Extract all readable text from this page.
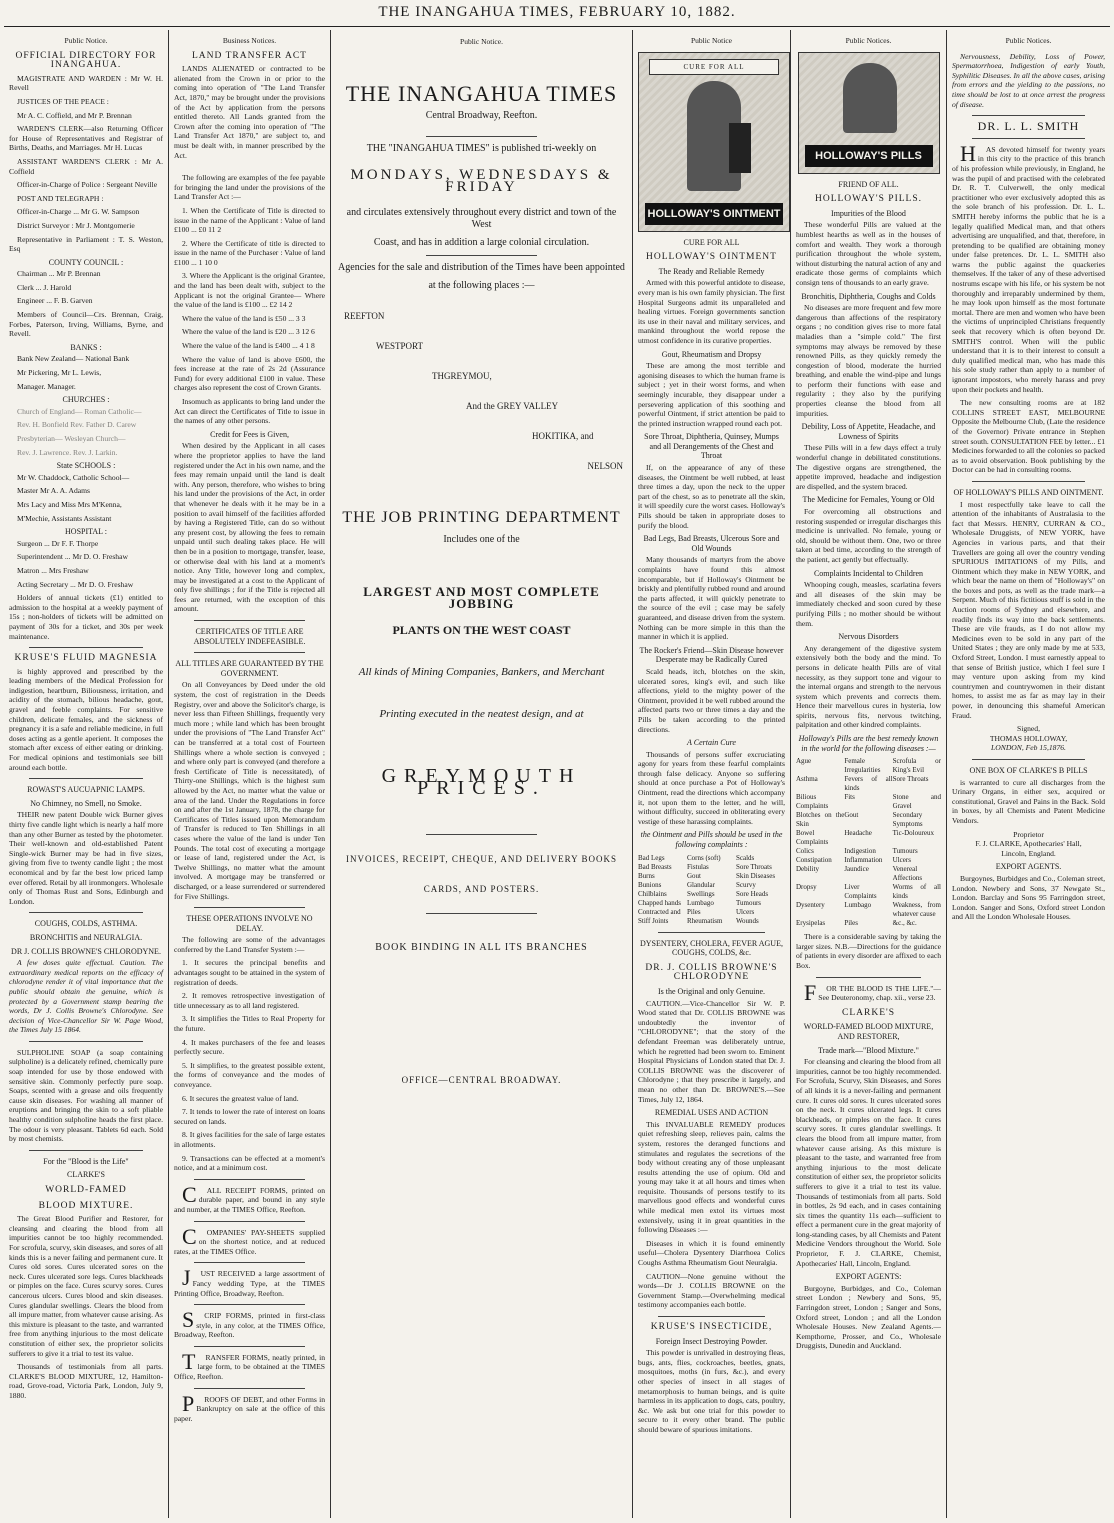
THE INANGAHUA TIMES, FEBRUARY 10, 1882.
Public Notice.
OFFICIAL DIRECTORY FOR INANGAHUA.

MAGISTRATE AND WARDEN : Mr W. H. Revell

JUSTICES OF THE PEACE :

Mr A. C. Coffield, and Mr P. Brennan

WARDEN'S CLERK—also Returning Officer for House of Representatives and Registrar of Births, Deaths, and Marriages. Mr H. Lucas

ASSISTANT WARDEN'S CLERK : Mr A. Coffield

Officer-in-Charge of Police : Sergeant Neville

POST AND TELEGRAPH :

Officer-in-Charge ... Mr G. W. Sampson

District Surveyor : Mr J. Montgomerie

Representative in Parliament : T. S. Weston, Esq

COUNTY COUNCIL :

Chairman ... Mr P. Brennan

Clerk ... J. Harold

Engineer ... F. B. Garven

Members of Council—Crs. Brennan, Craig, Forbes, Paterson, Irving, Williams, Byrne, and Revell.

BANKS :

Bank New Zealand— National Bank

Mr Pickering, Mr L. Lewis,

Manager. Manager.

CHURCHES :

Church of England— Roman Catholic—

Rev. H. Bonfield Rev. Father D. Carew

Presbyterian— Wesleyan Church—

Rev. J. Lawrence. Rev. J. Larkin.

State SCHOOLS :

Mr W. Chaddock, Catholic School—

Master Mr A. A. Adams

Mrs Lacy and Miss Mrs M'Kenna,

M'Mechie, Assistants Assistant

HOSPITAL :

Surgeon ... Dr F. F. Thorpe

Superintendent ... Mr D. O. Freshaw

Matron ... Mrs Freshaw

Acting Secretary ... Mr D. O. Freshaw

Holders of annual tickets (£1) entitled to admission to the hospital at a weekly payment of 15s ; non-holders of tickets will be admitted on payment of 30s for a ticket, and 30s per week maintenance.

KRUSE'S FLUID MAGNESIA

is highly approved and prescribed by the leading members of the Medical Profession for indigestion, heartburn, Biliousness, irritation, and acidity of the stomach, bilious headache, gout, gravel and feeble complaints. For sensitive children, delicate females, and the sickness of pregnancy it is a safe and reliable medicine, in full doses acting as a gentle aperient. It composes the stomach after excess of either eating or drinking. For medical opinions and testimonials see bill around each bottle.

ROWAST'S AUCUAPNIC LAMPS.
No Chimney, no Smell, no Smoke.

THEIR new patent Double wick Burner gives thirty five candle light which is nearly a half more than any other Burner as tested by the photometer. Their well-known and old-established Patent Single-wick Burner may be had in five sizes, giving from five to twenty candle light ; the most economical and by far the best low priced lamp ever offered. Retail by all ironmongers. Wholesale only of Thomas Rust and Sons, Edinburgh and London.

COUGHS, COLDS, ASTHMA.
BRONCHITIS and NEURALGIA.
DR J. COLLIS BROWNE'S CHLORODYNE.

A few doses quite effectual. Caution. The extraordinary medical reports on the efficacy of chlorodyne render it of vital importance that the public should obtain the genuine, which is protected by a Government stamp bearing the words, Dr J. Collis Browne's Chlorodyne. See decision of Vice-Chancellor Sir W. Page Wood, the Times July 15 1864.

SULPHOLINE SOAP (a soap containing sulpholine) is a delicately refined, chemically pure soap intended for use by those endowed with sensitive skin. Commonly perfectly pure soap. Soaps, scented with a grease and oils frequently cause skin diseases. For washing all manner of eruptions and bringing the skin to a soft pliable healthy condition sulpholine heads the first place. The odour is very pleasant. Tablets 6d each. Sold by most chemists.

For the "Blood is the Life"
CLARKE'S
WORLD-FAMED
BLOOD MIXTURE.

The Great Blood Purifier and Restorer, for cleansing and clearing the blood from all impurities cannot be too highly recommended. For scrofula, scurvy, skin diseases, and sores of all kinds this is a never failing and permanent cure. It Cures old sores. Cures ulcerated sores on the neck. Cures ulcerated sore legs. Cures blackheads or pimples on the face. Cures scurvy sores. Cures cancerous ulcers. Cures blood and skin diseases. Cures glandular swellings. Clears the blood from all impure matter, from whatever cause arising. As this mixture is pleasant to the taste, and warranted free from anything injurious to the most delicate constitution of either sex, the proprietor solicits sufferers to give it a trial to test its value.

Thousands of testimonials from all parts. CLARKE'S BLOOD MIXTURE, 12, Hamilton-road, Grove-road, Victoria Park, London, July 9, 1880.

Business Notices.
LAND TRANSFER ACT

LANDS ALIENATED or contracted to be alienated from the Crown in or prior to the coming into operation of "The Land Transfer Act, 1870," may be brought under the provisions of the Act by application from the persons entitled thereto. All Lands granted from the Crown after the coming into operation of "The Land Transfer Act 1870," are subject to, and must be dealt with, in manner prescribed by the Act.

The following are examples of the fee payable for bringing the land under the provisions of the Land Transfer Act :—

1. When the Certificate of Title is directed to issue in the name of the Applicant : Value of land £100 ... £0 11 2

2. Where the Certificate of title is directed to issue in the name of the Purchaser : Value of land £100 ... 1 10 0

3. Where the Applicant is the original Grantee, and the land has been dealt with, subject to the Applicant is not the original Grantee— Where the value of the land is £100 ... £2 14 2

Where the value of the land is £50 ... 3 3

Where the value of the land is £20 ... 3 12 6

Where the value of the land is £400 ... 4 1 8

Where the value of land is above £600, the fees increase at the rate of 2s 2d (Assurance Fund) for every additional £100 in value. These charges also represent the cost of Crown Grants.

Insomuch as applicants to bring land under the Act can direct the Certificates of Title to issue in the names of any other persons.

Credit for Fees is Given,

When desired by the Applicant in all cases where the proprietor applies to have the land registered under the Act in his own name, and the fees may remain unpaid until the land is dealt with. Any person, therefore, who wishes to bring his land under the provisions of the Act, in order that whenever he deals with it he may be in a position to avail himself of the facilities afforded by having a Registered Title, can do so without any present cost, by allowing the fees to remain unpaid until such dealing takes place. He will then be in a position to mortgage, transfer, lease, or otherwise deal with his land at a moment's notice. Any Title, however long and complex, may be investigated at a cost to the Applicant of only five shillings ; for if the Title is rejected all fees are returned, with the exception of this amount.

CERTIFICATES OF TITLE ARE ABSOLUTELY INDEFEASIBLE.
ALL TITLES ARE GUARANTEED BY THE GOVERNMENT.

On all Conveyances by Deed under the old system, the cost of registration in the Deeds Registry, over and above the Solicitor's charge, is never less than Fifteen Shillings, frequently very much more ; while land which has been brought under the provisions of "The Land Transfer Act" can be transferred at a total cost of Fourteen Shillings where a whole section is conveyed ; and where only part is conveyed (and therefore a fresh Certificate of Title is necessitated), of Thirty-one Shillings, which is the highest sum allowed by the Act, no matter what the value or area of the land. Under the Regulations in force on and after the 1st January, 1878, the charge for Certificates of Titles issued upon Memorandum of Transfer is reduced to Ten Shillings in all cases where the value of the land is under Ten Pounds. The total cost of executing a mortgage or lease of land, registered under the Act, is Twelve Shillings, no matter what the amount involved. A mortgage may be transferred or discharged, or a lease surrendered or surrendered for Five Shillings.

THESE OPERATIONS INVOLVE NO DELAY.

The following are some of the advantages conferred by the Land Transfer System :—

1. It secures the principal benefits and advantages sought to be attained in the system of registration of deeds.

2. It removes retrospective investigation of title unnecessary as to all land registered.

3. It simplifies the Titles to Real Property for the future.

4. It makes purchasers of the fee and leases perfectly secure.

5. It simplifies, to the greatest possible extent, the forms of conveyance and the modes of conveyance.

6. It secures the greatest value of land.

7. It tends to lower the rate of interest on loans secured on lands.

8. It gives facilities for the sale of large estates in allotments.

9. Transactions can be effected at a moment's notice, and at a minimum cost.

CALL RECEIPT FORMS, printed on durable paper, and bound in any style and number, at the TIMES Office, Reefton.

COMPANIES' PAY-SHEETS supplied on the shortest notice, and at reduced rates, at the TIMES Office.

JUST RECEIVED a large assortment of Fancy wedding Type, at the TIMES Printing Office, Broadway, Reefton.

SCRIP FORMS, printed in first-class style, in any color, at the TIMES Office, Broadway, Reefton.

TRANSFER FORMS, neatly printed, in large form, to be obtained at the TIMES Office, Reefton.

PROOFS OF DEBT, and other Forms in Bankruptcy on sale at the office of this paper.

Public Notice.
THE INANGAHUA TIMES
Central Broadway, Reefton.
THE "INANGAHUA TIMES" is published tri-weekly on
MONDAYS, WEDNESDAYS & FRIDAY
and circulates extensively throughout every district and town of the West
Coast, and has in addition a large colonial circulation.
Agencies for the sale and distribution of the Times have been appointed
at the following places :—
REEFTON
WESTPORT
THGREYMOU,
And the GREY VALLEY
HOKITIKA, and
NELSON
THE JOB PRINTING DEPARTMENT
Includes one of the
LARGEST AND MOST COMPLETE JOBBING
PLANTS ON THE WEST COAST
All kinds of Mining Companies, Bankers, and Merchant
Printing executed in the neatest design, and at
GREYMOUTH PRICES.
INVOICES, RECEIPT, CHEQUE, AND DELIVERY BOOKS
CARDS, AND POSTERS.
BOOK BINDING IN ALL ITS BRANCHES
OFFICE—CENTRAL BROADWAY.
Public Notice
CURE FOR ALL
HOLLOWAY'S OINTMENT
CURE FOR ALL
HOLLOWAY'S OINTMENT
The Ready and Reliable Remedy

Armed with this powerful antidote to disease, every man is his own family physician. The first Hospital Surgeons admit its unparalleled and healing virtues. Foreign governments sanction its use in their naval and military services, and mankind throughout the world repose the utmost confidence in its curative properties.

Gout, Rheumatism and Dropsy

These are among the most terrible and agonising diseases to which the human frame is subject ; yet in their worst forms, and when seemingly incurable, they disappear under a persevering application of this soothing and powerful Ointment, if strict attention be paid to the printed instruction wrapped round each pot.

Sore Throat, Diphtheria, Quinsey, Mumps and all Derangements of the Chest and Throat

If, on the appearance of any of these diseases, the Ointment be well rubbed, at least three times a day, upon the neck to the upper part of the chest, so as to penetrate all the skin, it will speedily cure the worst cases. Holloway's Pills should be taken in appropriate doses to purify the blood.

Bad Legs, Bad Breasts, Ulcerous Sore and Old Wounds

Many thousands of martyrs from the above complaints have found this almost incomparable, but if Holloway's Ointment be briskly and plentifully rubbed round and around the parts affected, it will quickly penetrate to the source of the evil ; case may be safely guaranteed, and disease driven from the system. Nothing can be more simple in this than the manner in which it is applied.

The Rocker's Friend—Skin Disease however Desperate may be Radically Cured

Scald heads, itch, blotches on the skin, ulcerated sores, king's evil, and such like affections, yield to the mighty power of the Ointment, provided it be well rubbed around the affected parts two or three times a day and the Pills be taken according to the printed directions.

A Certain Cure

Thousands of persons suffer excruciating agony for years from these fearful complaints through false delicacy. Anyone so suffering should at once purchase a Pot of Holloway's Ointment, read the directions which accompany it, not upon them to the letter, and he will, without difficulty, succeed in obliterating every vestige of these harassing complaints.

the Ointment and Pills should be used in the following complaints :
Bad Legs	Corns (soft)	Scalds
Bad Breasts	Fistulas	Sore Throats
Burns	Gout	Skin Diseases
Bunions	Glandular	Scurvy
Chilblains	Swellings	Sore Heads
Chapped hands Lumbago	Tumours
Contracted and Piles	Ulcers
Stiff Joints	Rheumatism	Wounds
DYSENTERY, CHOLERA, FEVER AGUE, COUGHS, COLDS, &c.
DR. J. COLLIS BROWNE'S CHLORODYNE
Is the Original and only Genuine.

CAUTION.—Vice-Chancellor Sir W. P. Wood stated that Dr. COLLIS BROWNE was undoubtedly the inventor of "CHLORODYNE"; that the story of the defendant Freeman was deliberately untrue, which he regretted had been sworn to. Eminent Hospital Physicians of London stated that Dr. J. COLLIS BROWNE was the discoverer of Chlorodyne ; that they prescribe it largely, and mean no other than Dr. BROWNE'S.—See Times, July 12, 1864.

REMEDIAL USES AND ACTION

This INVALUABLE REMEDY produces quiet refreshing sleep, relieves pain, calms the system, restores the deranged functions and stimulates and regulates the secretions of the body without creating any of those unpleasant results attending the use of opium. Old and young may take it at all hours and times when requisite. Thousands of persons testify to its marvellous good effects and wonderful cures while medical men extol its virtues most extensively, using it in great quantities in the following Diseases :—

Diseases in which it is found eminently useful—Cholera Dysentery Diarrhoea Colics Coughs Asthma Rheumatism Gout Neuralgia.

CAUTION—None genuine without the words—Dr J. COLLIS BROWNE on the Government Stamp.—Overwhelming medical testimony accompanies each bottle.

KRUSE'S INSECTICIDE,
Foreign Insect Destroying Powder.

This powder is unrivalled in destroying fleas, bugs, ants, flies, cockroaches, beetles, gnats, mosquitoes, moths (in furs, &c.), and every other species of insect in all stages of metamorphosis to human beings, and is quite harmless in its application to dogs, cats, poultry, &c. We ask but one trial for this powder to secure to it every other brand. The public should beware of spurious imitations.

Public Notices.
HOLLOWAY'S PILLS
FRIEND OF ALL.
HOLLOWAY'S PILLS.
Impurities of the Blood

These wonderful Pills are valued at the humblest hearths as well as in the houses of comfort and wealth. They work a thorough purification throughout the whole system, without disturbing the natural action of any and eradicate those germs of complaints which consign tens of thousands to an early grave.

Bronchitis, Diphtheria, Coughs and Colds

No diseases are more frequent and few more dangerous than affections of the respiratory organs ; no condition gives rise to more fatal maladies than a "simple cold." The first symptoms may always be removed by these renowned Pills, as they quickly remedy the congestion of blood, moderate the hurried breathing, and enable the wind-pipe and lungs to perform their functions with ease and regularity ; they also by the purifying properties cleanse the blood from all impurities.

Debility, Loss of Appetite, Headache, and Lowness of Spirits

These Pills will in a few days effect a truly wonderful change in debilitated constitutions. The digestive organs are strengthened, the appetite improved, headache and indigestion are dispelled, and the system braced.

The Medicine for Females, Young or Old

For overcoming all obstructions and restoring suspended or irregular discharges this medicine is unrivalled. No female, young or old, should be without them. One, two or three taken at bed time, according to the strength of the patient, act gently but effectually.

Complaints Incidental to Children

Whooping cough, measles, scarlatina fevers and all diseases of the skin may be immediately checked and soon cured by these purifying Pills ; no mother should be without them.

Nervous Disorders

Any derangement of the digestive system extensively both the body and the mind. To persons in delicate health Pills are of vital necessity, as they support tone and vigour to the internal organs and strength to the nervous system which prevents and corrects them. Hence their marvellous cures in hysteria, low spirits, nervous fits, nervous twitching, palpitation and other kindred complaints.

Holloway's Pills are the best remedy known in the world for the following diseases :—
Ague	Female Irregularities
Scrofula or King's Evil
Asthma	Fevers of all kinds
Sore Throats
Bilious Complaints
Fits	Stone and Gravel
Blotches on the Skin
Gout	Secondary Symptoms
Bowel Complaints
Headache	Tic-Doloureux
Colics	Indigestion	Tumours
Constipation	Inflammation	Ulcers
Debility	Jaundice	Venereal Affections
Dropsy	Liver Complaints
Worms of all kinds
Dysentery	Lumbago	Weakness, from whatever cause
Erysipelas	Piles	&c., &c.

There is a considerable saving by taking the larger sizes. N.B.—Directions for the guidance of patients in every disorder are affixed to each Box.

FOR THE BLOOD IS THE LIFE."—See Deuteronomy, chap. xii., verse 23.

CLARKE'S
WORLD-FAMED BLOOD MIXTURE, AND RESTORER,
Trade mark—"Blood Mixture."

For cleansing and clearing the blood from all impurities, cannot be too highly recommended. For Scrofula, Scurvy, Skin Diseases, and Sores of all kinds it is a never-failing and permanent cure. It cures old sores. It cures ulcerated sores on the neck. It cures ulcerated legs. It cures blackheads, or pimples on the face. It cures scurvy sores. It cures glandular swellings. It clears the blood from all impure matter, from whatever cause arising. As this mixture is pleasant to the taste, and warranted free from anything injurious to the most delicate constitution of either sex, the proprietor solicits sufferers to give it a trial to test its value. Thousands of testimonials from all parts. Sold in bottles, 2s 9d each, and in cases containing six times the quantity 11s each—sufficient to effect a permanent cure in the great majority of long-standing cases, by all Chemists and Patent Medicine Vendors throughout the World. Sole Proprietor, F. J. CLARKE, Chemist, Apothecaries' Hall, Lincoln, England.

EXPORT AGENTS:

Burgoyne, Burbidges, and Co., Coleman street London ; Newbery and Sons, 95, Farringdon street, London ; Sanger and Sons, Oxford street, London ; and all the London Wholesale Houses. New Zealand Agents.— Kempthorne, Prosser, and Co., Wholesale Druggists, Dunedin and Auckland.

Public Notices.

Nervousness, Debility, Loss of Power, Spermatorrhoea, Indigestion of early Youth, Syphilitic Diseases. In all the above cases, arising from errors and the yielding to the passions, no time should be lost to at once arrest the progress of disease.

DR. L. L. SMITH

HAS devoted himself for twenty years in this city to the practice of this branch of his profession while previously, in England, he was the pupil of and practised with the celebrated Dr. R. T. Culverwell, the only medical practitioner who ever exclusively adopted this as the sole branch of his profession. Dr. L. L. SMITH hereby informs the public that he is a legally qualified Medical man, and that others advertising are unqualified, and that, therefore, in pretending to be qualified are obtaining money under false pretences. Dr. L. L. SMITH also warns the public against the quackeries themselves. If the taker of any of these advertised nostrums escape with his life, or his system be not thoroughly and irreparably undermined by them, he may look upon himself as the most fortunate mortal. There are men and women who have been the victims of unprincipled Christians frequently seek that recovery which is often beyond Dr. SMITH'S control. When will the public understand that it is to their interest to consult a duly qualified medical man, who has made this his sole study rather than apply to a number of ignorant impostors, who merely harass and prey upon their pockets and health.

The new consulting rooms are at 182 COLLINS STREET EAST, MELBOURNE Opposite the Melbourne Club, (Late the residence of the Governor) Private entrance in Stephen street south. CONSULTATION FEE by letter... £1 Medicines forwarded to all the colonies so packed as to avoid observation. Book publishing by the Doctor can be had in consulting rooms.

OF HOLLOWAY'S PILLS AND OINTMENT.

I most respectfully take leave to call the attention of the inhabitants of Australasia to the fact that Messrs. HENRY, CURRAN & CO., Wholesale Druggists, of NEW YORK, have Agencies in various parts, and that their Travellers are going all over the country vending SPURIOUS IMITATIONS of my Pills, and Ointment which they make in NEW YORK, and which bear the name on them of "Holloway's" on the boxes and pots, as well as the trade mark—a Serpent. Much of this fictitious stuff is sold in the Auction rooms of Sydney and elsewhere, and readily finds its way into the back settlements. These are vile frauds, as I do not allow my Medicines even to be sold in any part of the United States ; they are only made by me at 533, Oxford Street, London. I must earnestly appeal to that sense of British justice, which I feel sure I may venture upon asking from my kind countrymen and countrywomen in their distant homes, to assist me as far as may lay in their power, in denouncing this shameful American Fraud.

Signed,
THOMAS HOLLOWAY,
LONDON, Feb 15,1876.
ONE BOX OF CLARKE'S B PILLS

is warranted to cure all discharges from the Urinary Organs, in either sex, acquired or constitutional, Gravel and Pains in the Back. Sold in boxes, by all Chemists and Patent Medicine Vendors.

Proprietor
F. J. CLARKE, Apothecaries' Hall,
Lincoln, England.
EXPORT AGENTS.

Burgoynes, Burbidges and Co., Coleman street, London. Newbery and Sons, 37 Newgate St., London. Barclay and Sons 95 Farringdon street, London. Sanger and Sons, Oxford street London and All the London Wholesale Houses.
